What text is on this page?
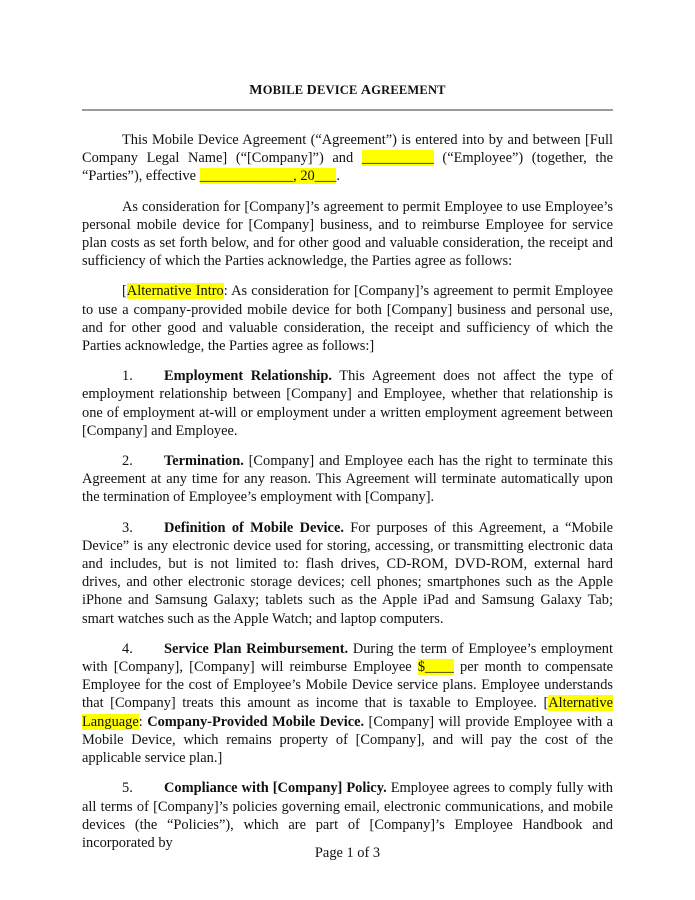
MOBILE DEVICE AGREEMENT

This Mobile Device Agreement (“Agreement”) is entered into by and between [Full Company Legal Name] (“[Company]”) and __________ (“Employee”) (together, the “Parties”), effective _____________, 20___.

As consideration for [Company]’s agreement to permit Employee to use Employee’s personal mobile device for [Company] business, and to reimburse Employee for service plan costs as set forth below, and for other good and valuable consideration, the receipt and sufficiency of which the Parties acknowledge, the Parties agree as follows:

[Alternative Intro: As consideration for [Company]’s agreement to permit Employee to use a company-provided mobile device for both [Company] business and personal use, and for other good and valuable consideration, the receipt and sufficiency of which the Parties acknowledge, the Parties agree as follows:]

1. Employment Relationship. This Agreement does not affect the type of employment relationship between [Company] and Employee, whether that relationship is one of employment at-will or employment under a written employment agreement between [Company] and Employee.

2. Termination. [Company] and Employee each has the right to terminate this Agreement at any time for any reason. This Agreement will terminate automatically upon the termination of Employee’s employment with [Company].

3. Definition of Mobile Device. For purposes of this Agreement, a “Mobile Device” is any electronic device used for storing, accessing, or transmitting electronic data and includes, but is not limited to: flash drives, CD-ROM, DVD-ROM, external hard drives, and other electronic storage devices; cell phones; smartphones such as the Apple iPhone and Samsung Galaxy; tablets such as the Apple iPad and Samsung Galaxy Tab; smart watches such as the Apple Watch; and laptop computers.

4. Service Plan Reimbursement. During the term of Employee’s employment with [Company], [Company] will reimburse Employee $____ per month to compensate Employee for the cost of Employee’s Mobile Device service plans. Employee understands that [Company] treats this amount as income that is taxable to Employee. [Alternative Language: Company-Provided Mobile Device. [Company] will provide Employee with a Mobile Device, which remains property of [Company], and will pay the cost of the applicable service plan.]

5. Compliance with [Company] Policy. Employee agrees to comply fully with all terms of [Company]’s policies governing email, electronic communications, and mobile devices (the “Policies”), which are part of [Company]’s Employee Handbook and incorporated by

Page 1 of 3
